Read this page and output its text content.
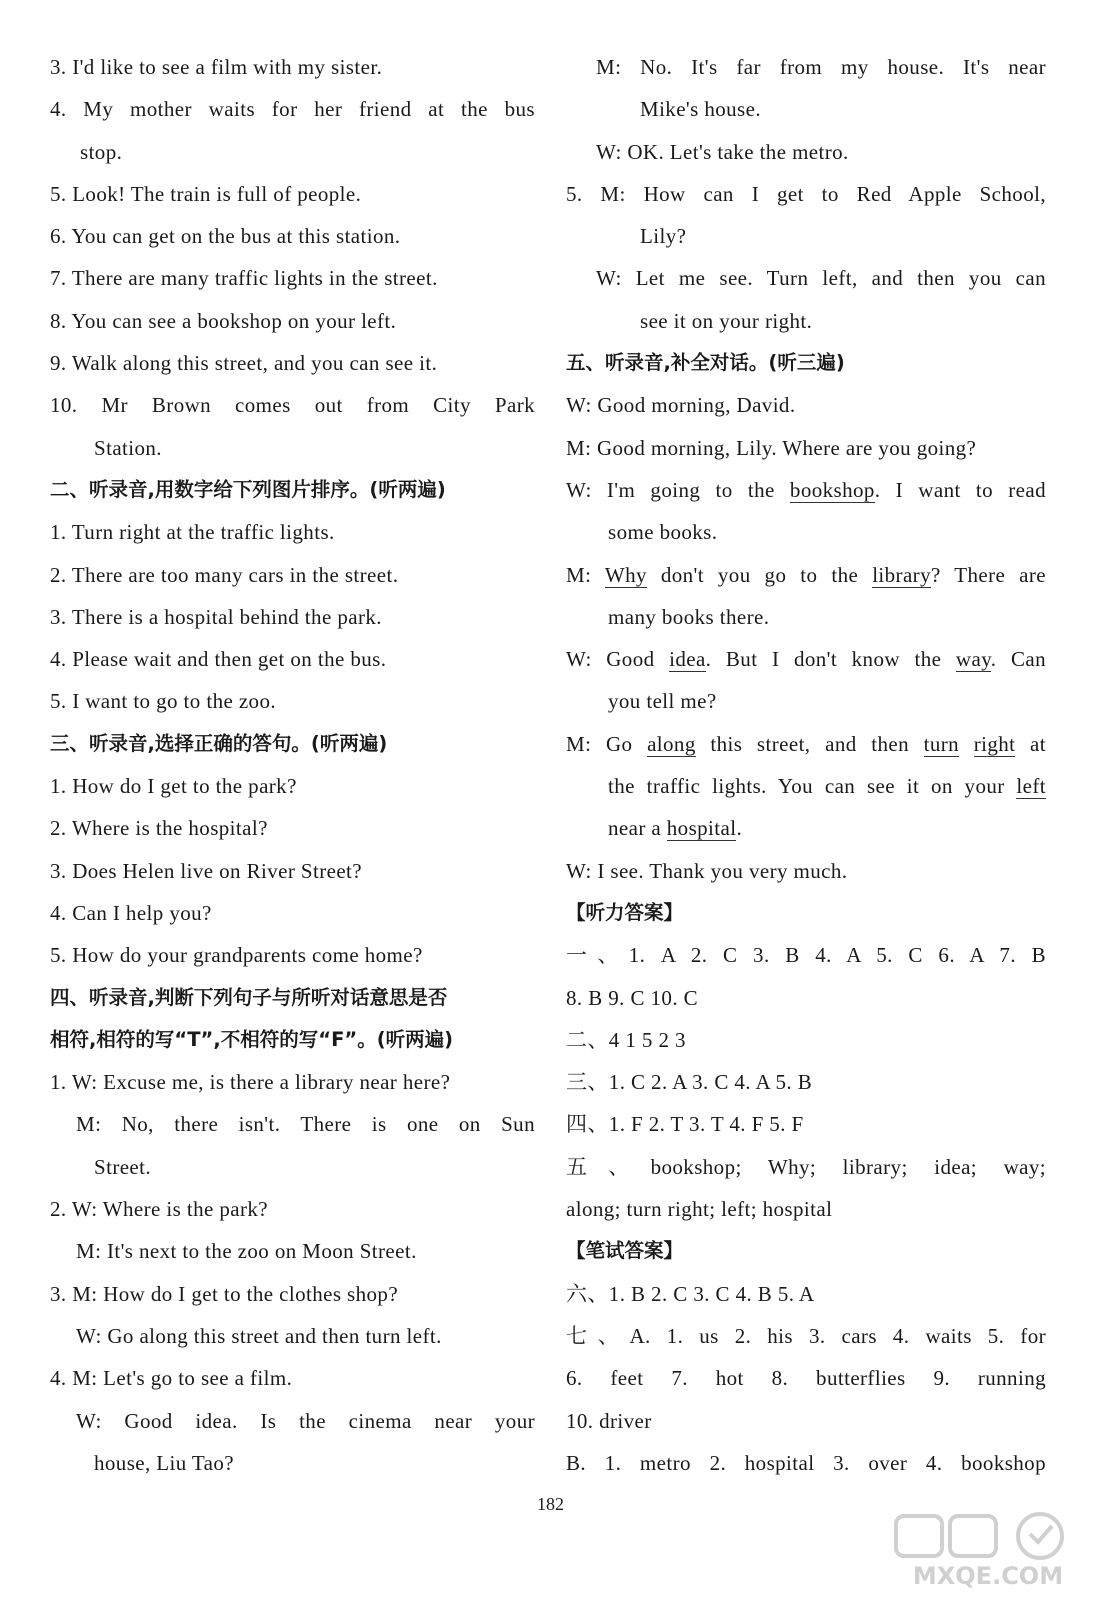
3. I'd like to see a film with my sister.
4. My mother waits for her friend at the bus
stop.
5. Look! The train is full of people.
6. You can get on the bus at this station.
7. There are many traffic lights in the street.
8. You can see a bookshop on your left.
9. Walk along this street, and you can see it.
10. Mr Brown comes out from City Park
Station.
二、听录音,用数字给下列图片排序。(听两遍)
1. Turn right at the traffic lights.
2. There are too many cars in the street.
3. There is a hospital behind the park.
4. Please wait and then get on the bus.
5. I want to go to the zoo.
三、听录音,选择正确的答句。(听两遍)
1. How do I get to the park?
2. Where is the hospital?
3. Does Helen live on River Street?
4. Can I help you?
5. How do your grandparents come home?
四、听录音,判断下列句子与所听对话意思是否
相符,相符的写“T”,不相符的写“F”。(听两遍)
1. W: Excuse me, is there a library near here?
M: No, there isn't. There is one on Sun
Street.
2. W: Where is the park?
M: It's next to the zoo on Moon Street.
3. M: How do I get to the clothes shop?
W: Go along this street and then turn left.
4. M: Let's go to see a film.
W: Good idea. Is the cinema near your
house, Liu Tao?
M: No. It's far from my house. It's near
Mike's house.
W: OK. Let's take the metro.
5. M: How can I get to Red Apple School,
Lily?
W: Let me see. Turn left, and then you can
see it on your right.
五、听录音,补全对话。(听三遍)
W: Good morning, David.
M: Good morning, Lily. Where are you going?
W: I'm going to the bookshop. I want to read
some books.
M: Why don't you go to the library? There are
many books there.
W: Good idea. But I don't know the way. Can
you tell me?
M: Go along this street, and then turn right at
the traffic lights. You can see it on your left
near a hospital.
W: I see. Thank you very much.
【听力答案】
一、1. A 2. C 3. B 4. A 5. C 6. A 7. B
8. B 9. C 10. C
二、4 1 5 2 3
三、1. C 2. A 3. C 4. A 5. B
四、1. F 2. T 3. T 4. F 5. F
五、bookshop; Why; library; idea; way;
along; turn right; left; hospital
【笔试答案】
六、1. B 2. C 3. C 4. B 5. A
七、A. 1. us 2. his 3. cars 4. waits 5. for
6. feet 7. hot 8. butterflies 9. running
10. driver
B. 1. metro 2. hospital 3. over 4. bookshop
182
MXQE.COM
